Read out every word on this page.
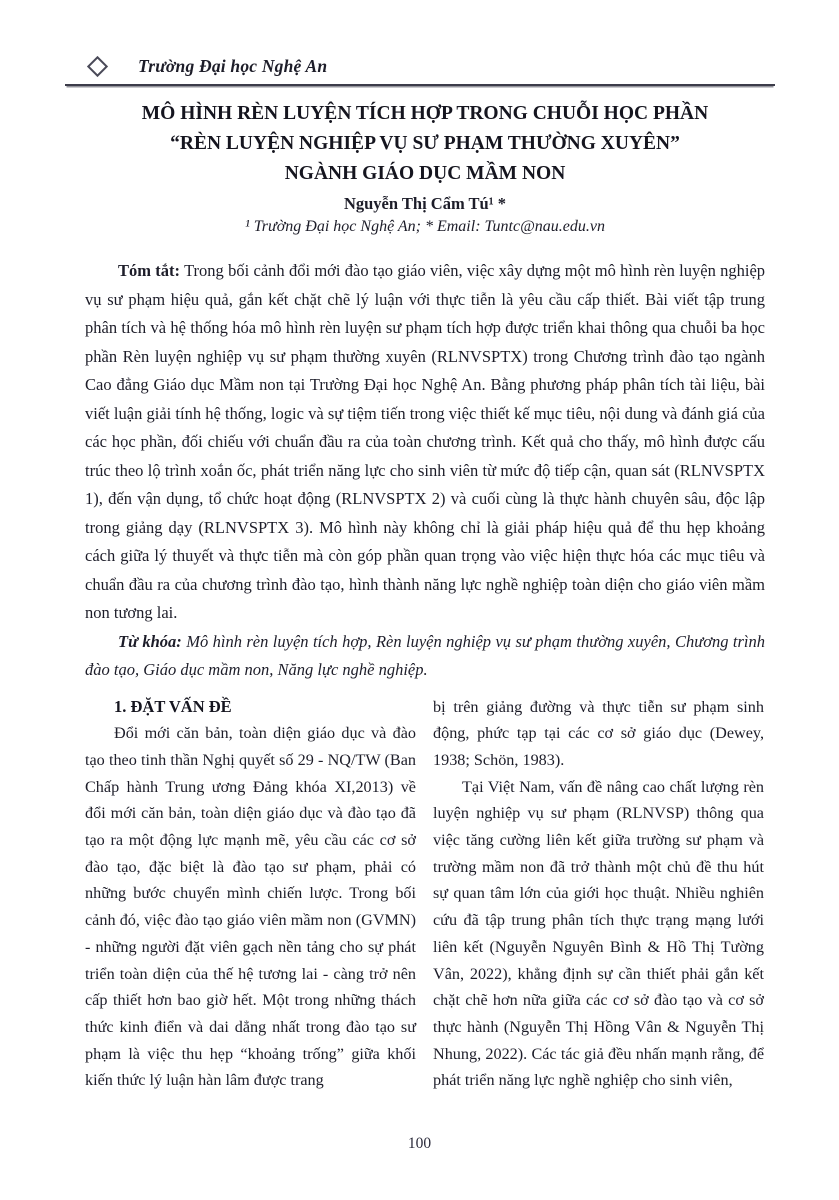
Trường Đại học Nghệ An
MÔ HÌNH RÈN LUYỆN TÍCH HỢP TRONG CHUỖI HỌC PHẦN
“RÈN LUYỆN NGHIỆP VỤ SƯ PHẠM THƯỜNG XUYÊN”
NGÀNH GIÁO DỤC MẦM NON
Nguyễn Thị Cẩm Tú¹ *
¹ Trường Đại học Nghệ An; * Email: Tuntc@nau.edu.vn

Tóm tắt: Trong bối cảnh đổi mới đào tạo giáo viên, việc xây dựng một mô hình rèn luyện nghiệp vụ sư phạm hiệu quả, gắn kết chặt chẽ lý luận với thực tiễn là yêu cầu cấp thiết. Bài viết tập trung phân tích và hệ thống hóa mô hình rèn luyện sư phạm tích hợp được triển khai thông qua chuỗi ba học phần Rèn luyện nghiệp vụ sư phạm thường xuyên (RLNVSPTX) trong Chương trình đào tạo ngành Cao đẳng Giáo dục Mầm non tại Trường Đại học Nghệ An. Bằng phương pháp phân tích tài liệu, bài viết luận giải tính hệ thống, logic và sự tiệm tiến trong việc thiết kế mục tiêu, nội dung và đánh giá của các học phần, đối chiếu với chuẩn đầu ra của toàn chương trình. Kết quả cho thấy, mô hình được cấu trúc theo lộ trình xoắn ốc, phát triển năng lực cho sinh viên từ mức độ tiếp cận, quan sát (RLNVSPTX 1), đến vận dụng, tổ chức hoạt động (RLNVSPTX 2) và cuối cùng là thực hành chuyên sâu, độc lập trong giảng dạy (RLNVSPTX 3). Mô hình này không chỉ là giải pháp hiệu quả để thu hẹp khoảng cách giữa lý thuyết và thực tiễn mà còn góp phần quan trọng vào việc hiện thực hóa các mục tiêu và chuẩn đầu ra của chương trình đào tạo, hình thành năng lực nghề nghiệp toàn diện cho giáo viên mầm non tương lai.

Từ khóa: Mô hình rèn luyện tích hợp, Rèn luyện nghiệp vụ sư phạm thường xuyên, Chương trình đào tạo, Giáo dục mầm non, Năng lực nghề nghiệp.

1. ĐẶT VẤN ĐỀ

Đổi mới căn bản, toàn diện giáo dục và đào tạo theo tinh thần Nghị quyết số 29 - NQ/TW (Ban Chấp hành Trung ương Đảng khóa XI,2013) về đổi mới căn bản, toàn diện giáo dục và đào tạo đã tạo ra một động lực mạnh mẽ, yêu cầu các cơ sở đào tạo, đặc biệt là đào tạo sư phạm, phải có những bước chuyển mình chiến lược. Trong bối cảnh đó, việc đào tạo giáo viên mầm non (GVMN) - những người đặt viên gạch nền tảng cho sự phát triển toàn diện của thế hệ tương lai - càng trở nên cấp thiết hơn bao giờ hết. Một trong những thách thức kinh điển và dai dẳng nhất trong đào tạo sư phạm là việc thu hẹp “khoảng trống” giữa khối kiến thức lý luận hàn lâm được trang

bị trên giảng đường và thực tiễn sư phạm sinh động, phức tạp tại các cơ sở giáo dục (Dewey, 1938; Schön, 1983).

Tại Việt Nam, vấn đề nâng cao chất lượng rèn luyện nghiệp vụ sư phạm (RLNVSP) thông qua việc tăng cường liên kết giữa trường sư phạm và trường mầm non đã trở thành một chủ đề thu hút sự quan tâm lớn của giới học thuật. Nhiều nghiên cứu đã tập trung phân tích thực trạng mạng lưới liên kết (Nguyễn Nguyên Bình & Hồ Thị Tường Vân, 2022), khẳng định sự cần thiết phải gắn kết chặt chẽ hơn nữa giữa các cơ sở đào tạo và cơ sở thực hành (Nguyễn Thị Hồng Vân & Nguyễn Thị Nhung, 2022). Các tác giả đều nhấn mạnh rằng, để phát triển năng lực nghề nghiệp cho sinh viên,

100
